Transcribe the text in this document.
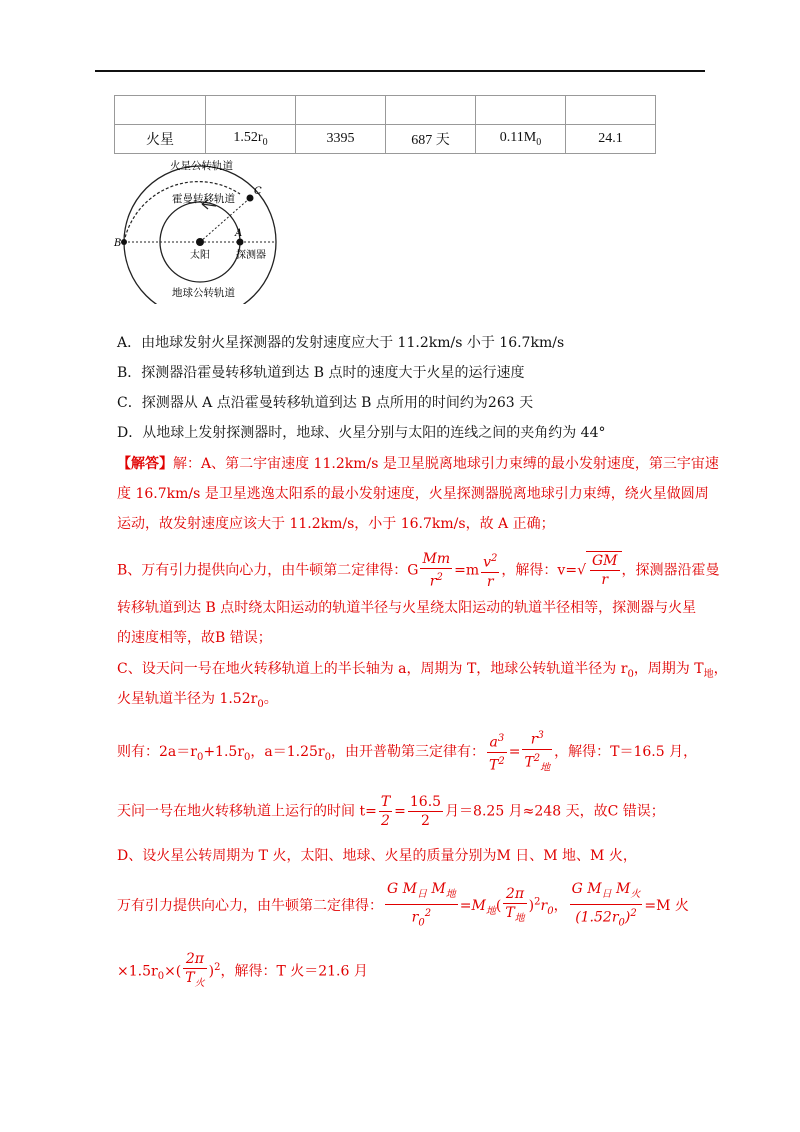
火星	$1.52r_0$	3395	687 天	$0.11M_0$	24.1
火星公转轨道
霍曼转移轨道
地球公转轨道
太阳	探测器
A
B
C
A．由地球发射火星探测器的发射速度应大于 11.2km/s 小于 16.7km/s
B．探测器沿霍曼转移轨道到达 B 点时的速度大于火星的运行速度
C．探测器从 A 点沿霍曼转移轨道到达 B 点所用的时间约为263 天
D．从地球上发射探测器时，地球、火星分别与太阳的连线之间的夹角约为 44°
【解答】解：A、第二宇宙速度 11.2km/s 是卫星脱离地球引力束缚的最小发射速度，第三宇宙速
度 16.7km/s 是卫星逃逸太阳系的最小发射速度，火星探测器脱离地球引力束缚，绕火星做圆周
运动，故发射速度应该大于 11.2km/s，小于 16.7km/s，故 A 正确；
B、万有引力提供向心力，由牛顿第二定律得：G $\frac{Mm}{r^2} =m \frac{v^2}{r}$ ，解得：$v=√ \frac{GM}{r}$ ，探测器沿霍曼
转移轨道到达 B 点时绕太阳运动的轨道半径与火星绕太阳运动的轨道半径相等，探测器与火星
的速度相等，故B 错误；
C、设天问一号在地火转移轨道上的半长轴为 a，周期为 T，地球公转轨道半径为 $r_0$，周期为 $T_地$，
火星轨道半径为 $1.52r_0$。
则有：$2a=r_0+1.5r_0$，$a=1.25r_0$，由开普勒第三定律有： $\frac{a^3}{T^2} = \frac{r^3}{T^2_地}$ ，解得：T＝16.5 月，
天问一号在地火转移轨道上运行的时间 $t= \frac{T}{2} = \frac{16.5}{2}$ 月＝8.25 月≈248 天，故C 错误；
D、设火星公转周期为 T 火，太阳、地球、火星的质量分别为M 日、M 地、M 火，
万有引力提供向心力，由牛顿第二定律得： $\frac{G M_日 M_地}{r_0^2} =M_地( \frac{2\pi}{T_地} )^2r_0$， $\frac{G M_日 M_火}{(1.52r_0)^2} =M$ 火
$\times 1.5r_0\times( \frac{2\pi}{T_火} )^2$，解得：T 火＝21.6 月
